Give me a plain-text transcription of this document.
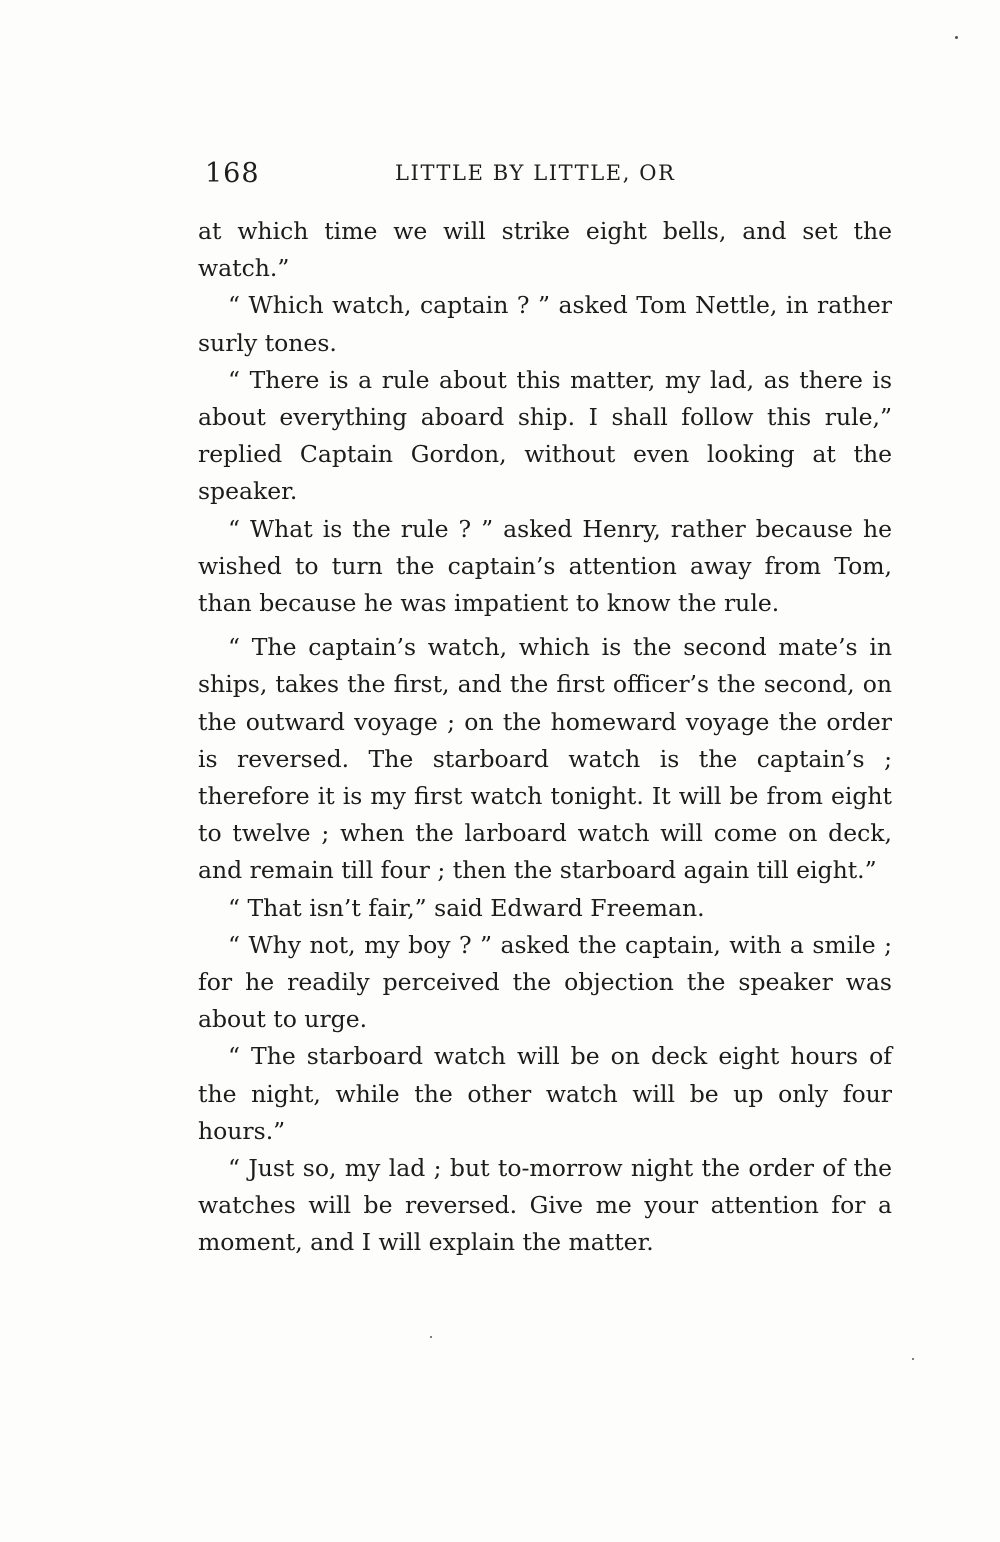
168	LITTLE BY LITTLE, OR

at which time we will strike eight bells, and set the watch.”

“ Which watch, captain ? ” asked Tom Nettle, in rather surly tones.

“ There is a rule about this matter, my lad, as there is about everything aboard ship. I shall follow this rule,” replied Captain Gordon, without even looking at the speaker.

“ What is the rule ? ” asked Henry, rather because he wished to turn the captain’s attention away from Tom, than because he was impatient to know the rule.

“ The captain’s watch, which is the second mate’s in ships, takes the first, and the first officer’s the second, on the outward voyage ; on the homeward voyage the order is reversed. The starboard watch is the captain’s ; therefore it is my first watch tonight. It will be from eight to twelve ; when the larboard watch will come on deck, and remain till four ; then the starboard again till eight.”

“ That isn’t fair,” said Edward Freeman.

“ Why not, my boy ? ” asked the captain, with a smile ; for he readily perceived the objection the speaker was about to urge.

“ The starboard watch will be on deck eight hours of the night, while the other watch will be up only four hours.”

“ Just so, my lad ; but to-morrow night the order of the watches will be reversed. Give me your attention for a moment, and I will explain the matter.
